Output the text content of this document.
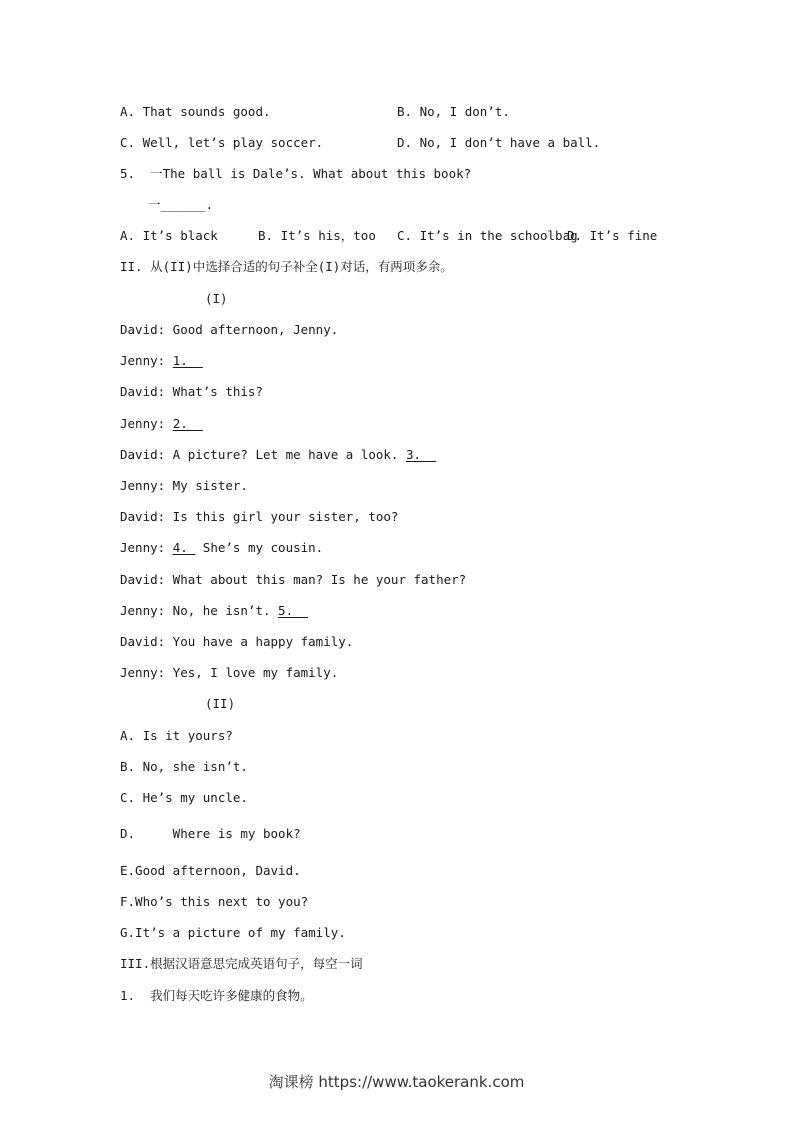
A. That sounds good.	B. No, I don’t.
C. Well, let’s play soccer.	D. No, I don’t have a ball.
5.  一The ball is Dale’s. What about this book?
一______.
A. It’s black	B. It’s his，too C. It’s in the schoolbag
D. It’s fine
II. 从(II)中选择合适的句子补全(I)对话，有两项多余。
(I)
David: Good afternoon, Jenny.
Jenny: 1.
David: What’s this?
Jenny: 2.
David: A picture? Let me have a look. 3.
Jenny: My sister.
David: Is this girl your sister, too?
Jenny: 4.  She’s my cousin.
David: What about this man? Is he your father?
Jenny: No, he isn’t. 5.
David: You have a happy family.
Jenny: Yes, I love my family.
(II)
A. Is it yours?
B. No, she isn’t.
C. He’s my uncle.
D.     Where is my book?
E.Good afternoon, David.
F.Who’s this next to you?
G.It’s a picture of my family.
III.根据汉语意思完成英语句子，每空一词
1.  我们每天吃许多健康的食物。
淘课榜 https://www.taokerank.com
